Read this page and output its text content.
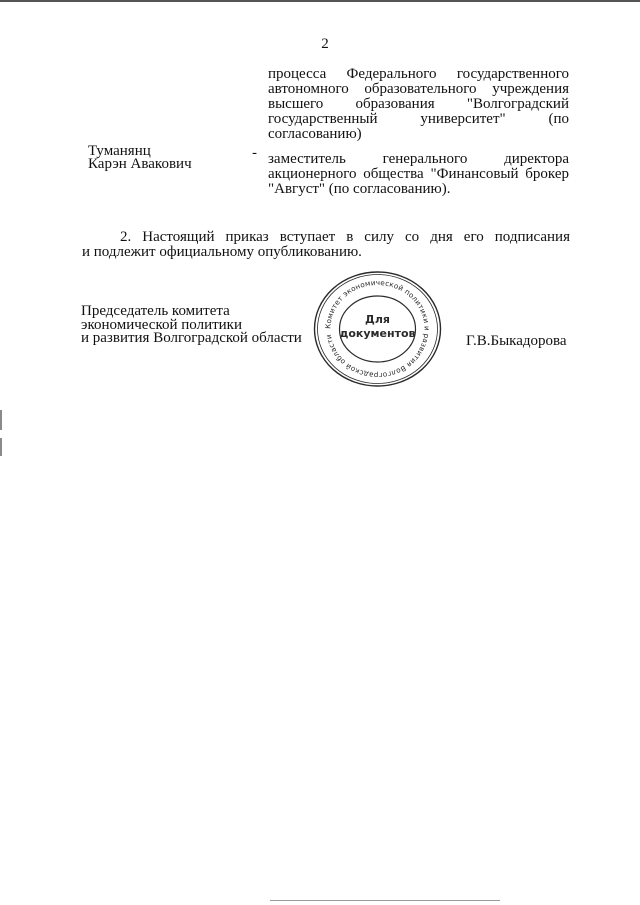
2
процесса Федерального государственного
автономного образовательного учреждения
высшего образования "Волгоградский
государственный университет" (по
согласованию)
Туманянц
Карэн Авакович
- заместитель генерального директора
акционерного общества "Финансовый брокер
"Август" (по согласованию).
2. Настоящий приказ вступает в силу со дня его подписания
и подлежит официальному опубликованию.
Председатель комитета
экономической политики
и развития Волгоградской области
Комитет экономической политики и развития Волгоградской области
Для
документов	Г.В.Быкадорова
